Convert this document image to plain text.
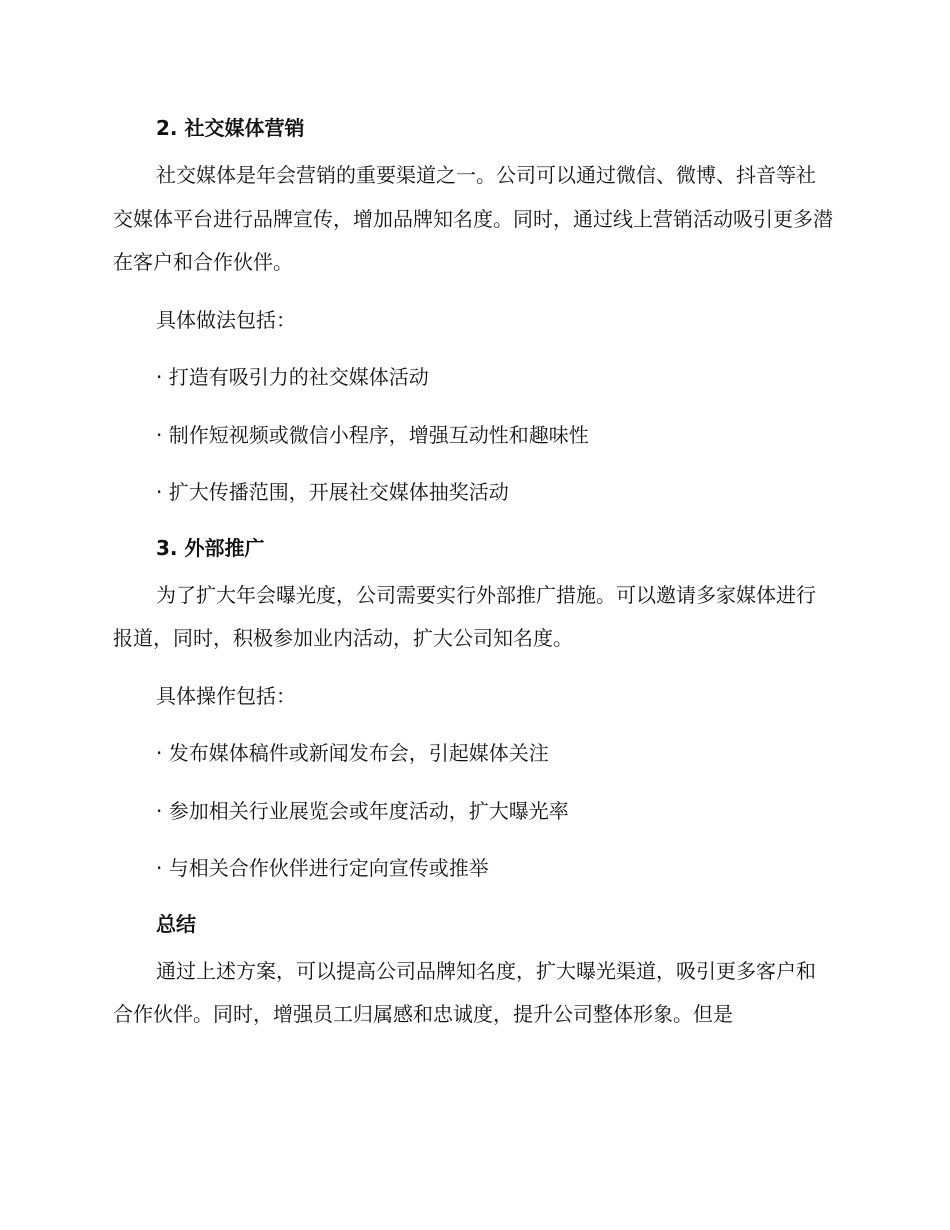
2. 社交媒体营销

社交媒体是年会营销的重要渠道之一。公司可以通过微信、微博、抖音等社交媒体平台进行品牌宣传，增加品牌知名度。同时，通过线上营销活动吸引更多潜在客户和合作伙伴。

具体做法包括：

· 打造有吸引力的社交媒体活动

· 制作短视频或微信小程序，增强互动性和趣味性

· 扩大传播范围，开展社交媒体抽奖活动

3. 外部推广

为了扩大年会曝光度，公司需要实行外部推广措施。可以邀请多家媒体进行报道，同时，积极参加业内活动，扩大公司知名度。

具体操作包括：

· 发布媒体稿件或新闻发布会，引起媒体关注

· 参加相关行业展览会或年度活动，扩大曝光率

· 与相关合作伙伴进行定向宣传或推举

总结

通过上述方案，可以提高公司品牌知名度，扩大曝光渠道，吸引更多客户和合作伙伴。同时，增强员工归属感和忠诚度，提升公司整体形象。但是
